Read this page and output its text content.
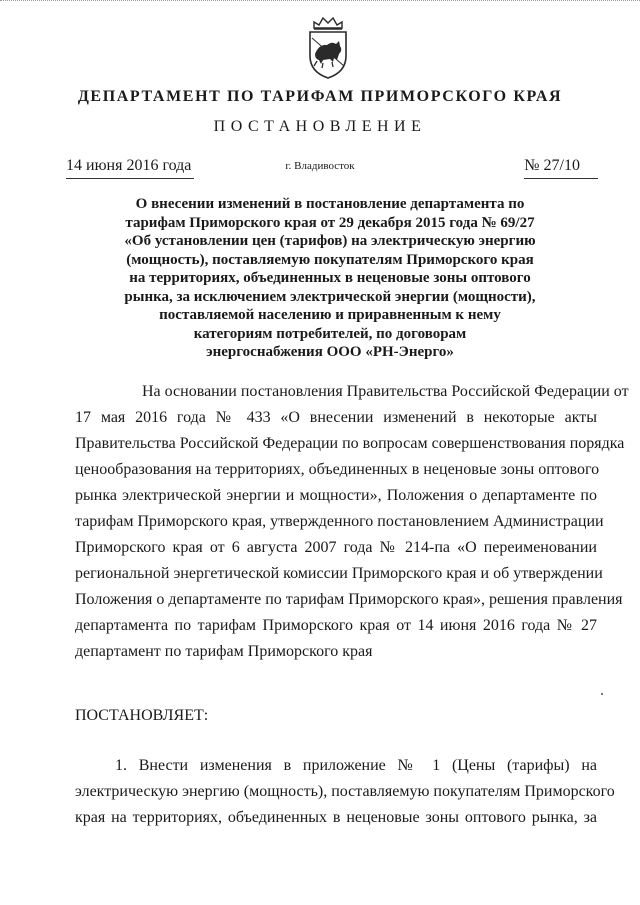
ДЕПАРТАМЕНТ ПО ТАРИФАМ ПРИМОРСКОГО КРАЯ
ПОСТАНОВЛЕНИЕ
14 июня 2016 года	г. Владивосток	№ 27/10
О внесении изменений в постановление департамента по
тарифам Приморского края от 29 декабря 2015 года № 69/27
«Об установлении цен (тарифов) на электрическую энергию
(мощность), поставляемую покупателям Приморского края
на территориях, объединенных в неценовые зоны оптового
рынка, за исключением электрической энергии (мощности),
поставляемой населению и приравненным к нему
категориям потребителей, по договорам
энергоснабжения ООО «РН-Энерго»
На основании постановления Правительства Российской Федерации от
17 мая 2016 года № 433 «О внесении изменений в некоторые акты
Правительства Российской Федерации по вопросам совершенствования порядка
ценообразования на территориях, объединенных в неценовые зоны оптового
рынка электрической энергии и мощности», Положения о департаменте по
тарифам Приморского края, утвержденного постановлением Администрации
Приморского края от 6 августа 2007 года № 214-па «О переименовании
региональной энергетической комиссии Приморского края и об утверждении
Положения о департаменте по тарифам Приморского края», решения правления
департамента по тарифам Приморского края от 14 июня 2016 года № 27
департамент по тарифам Приморского края
ПОСТАНОВЛЯЕТ:
1. Внести изменения в приложение № 1 (Цены (тарифы) на
электрическую энергию (мощность), поставляемую покупателям Приморского
края на территориях, объединенных в неценовые зоны оптового рынка, за
